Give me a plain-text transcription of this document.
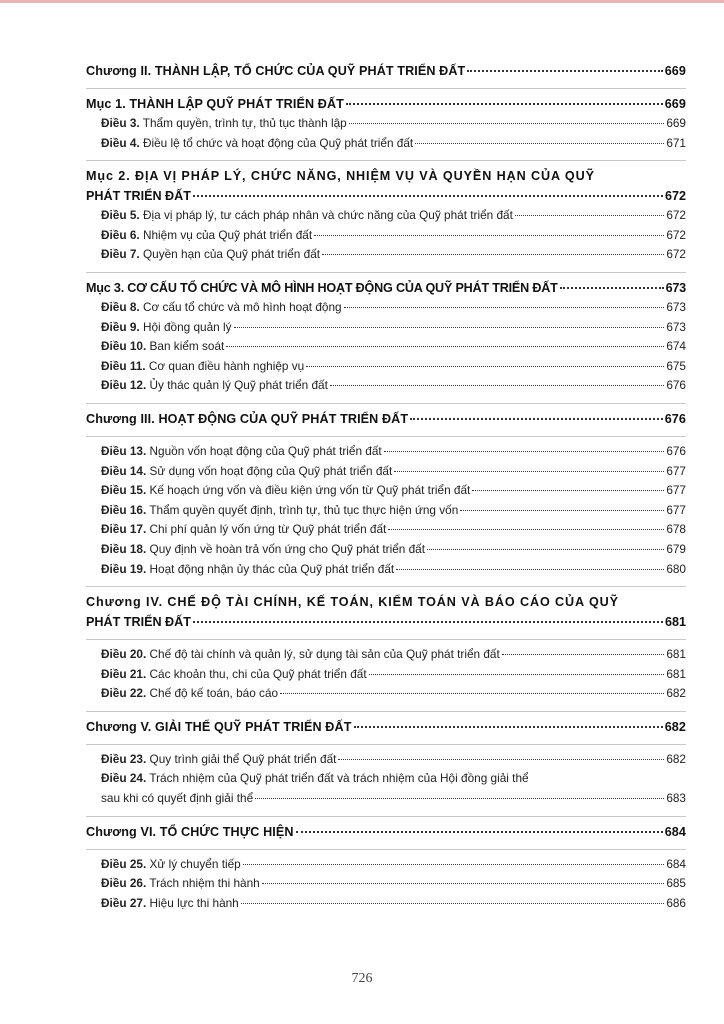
Chương II. THÀNH LẬP, TỔ CHỨC CỦA QUỸ PHÁT TRIỂN ĐẤT	669
Mục 1. THÀNH LẬP QUỸ PHÁT TRIỂN ĐẤT	669
Điều 3. Thẩm quyền, trình tự, thủ tục thành lập	669
Điều 4. Điều lệ tổ chức và hoạt động của Quỹ phát triển đất	671
Mục 2. ĐỊA VỊ PHÁP LÝ, CHỨC NĂNG, NHIỆM VỤ VÀ QUYỀN HẠN CỦA QUỸ
PHÁT TRIỂN ĐẤT	672
Điều 5. Địa vị pháp lý, tư cách pháp nhân và chức năng của Quỹ phát triển đất	672
Điều 6. Nhiệm vụ của Quỹ phát triển đất	672
Điều 7. Quyền hạn của Quỹ phát triển đất	672
Mục 3. CƠ CẤU TỔ CHỨC VÀ MÔ HÌNH HOẠT ĐỘNG CỦA QUỸ PHÁT TRIỂN ĐẤT	673
Điều 8. Cơ cấu tổ chức và mô hình hoạt động	673
Điều 9. Hội đồng quản lý	673
Điều 10. Ban kiểm soát	674
Điều 11. Cơ quan điều hành nghiệp vụ	675
Điều 12. Ủy thác quản lý Quỹ phát triển đất	676
Chương III. HOẠT ĐỘNG CỦA QUỸ PHÁT TRIỂN ĐẤT	676
Điều 13. Nguồn vốn hoạt động của Quỹ phát triển đất	676
Điều 14. Sử dụng vốn hoạt động của Quỹ phát triển đất	677
Điều 15. Kế hoạch ứng vốn và điều kiện ứng vốn từ Quỹ phát triển đất	677
Điều 16. Thẩm quyền quyết định, trình tự, thủ tục thực hiện ứng vốn	677
Điều 17. Chi phí quản lý vốn ứng từ Quỹ phát triển đất	678
Điều 18. Quy định về hoàn trả vốn ứng cho Quỹ phát triển đất	679
Điều 19. Hoạt động nhận ủy thác của Quỹ phát triển đất	680
Chương IV. CHẾ ĐỘ TÀI CHÍNH, KẾ TOÁN, KIỂM TOÁN VÀ BÁO CÁO CỦA QUỸ
PHÁT TRIỂN ĐẤT	681
Điều 20. Chế độ tài chính và quản lý, sử dụng tài sản của Quỹ phát triển đất	681
Điều 21. Các khoản thu, chi của Quỹ phát triển đất	681
Điều 22. Chế độ kế toán, báo cáo	682
Chương V. GIẢI THỂ QUỸ PHÁT TRIỂN ĐẤT	682
Điều 23. Quy trình giải thể Quỹ phát triển đất	682
Điều 24. Trách nhiệm của Quỹ phát triển đất và trách nhiệm của Hội đồng giải thể
sau khi có quyết định giải thể	683
Chương VI. TỔ CHỨC THỰC HIỆN	684
Điều 25. Xử lý chuyển tiếp	684
Điều 26. Trách nhiệm thi hành	685
Điều 27. Hiệu lực thi hành	686
726
